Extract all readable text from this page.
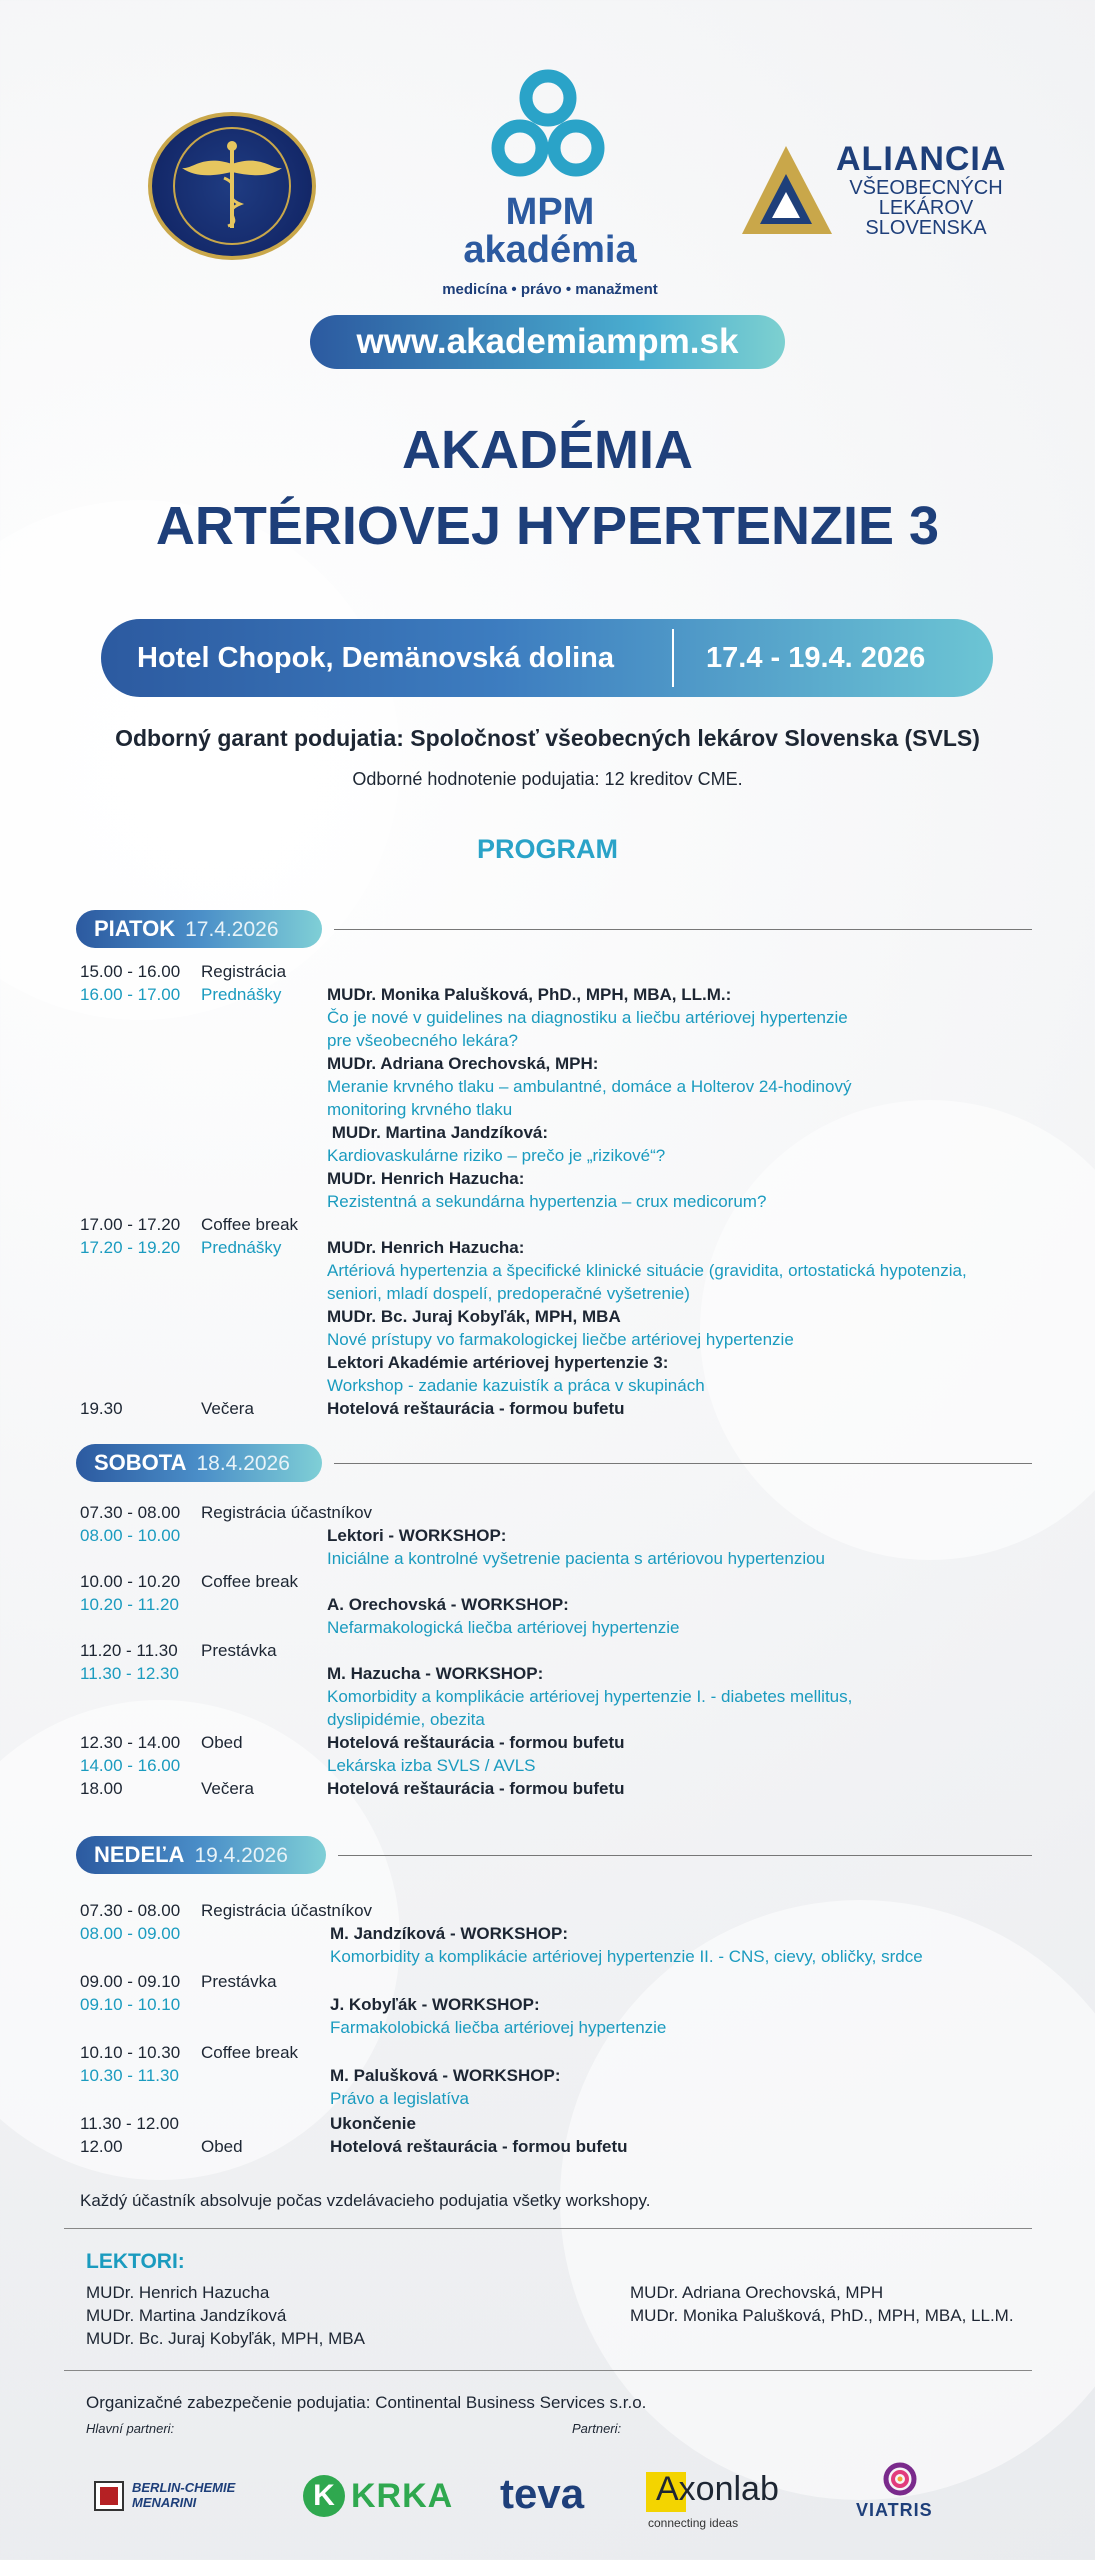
MPM
akadémia
medicína • právo • manažment
ALIANCIA
VŠEOBECNÝCH
LEKÁROV
SLOVENSKA
www.akademiampm.sk
AKADÉMIA
ARTÉRIOVEJ HYPERTENZIE 3
Hotel Chopok, Demänovská dolina	17.4 - 19.4. 2026
Odborný garant podujatia: Spoločnosť všeobecných lekárov Slovenska (SVLS)
Odborné hodnotenie podujatia: 12 kreditov CME.
PROGRAM
PIATOK 17.4.2026
15.00 - 16.00 Registrácia
16.00 - 17.00 Prednášky	MUDr. Monika Palušková, PhD., MPH, MBA, LL.M.:
Čo je nové v guidelines na diagnostiku a liečbu artériovej hypertenzie
pre všeobecného lekára?
MUDr. Adriana Orechovská, MPH:
Meranie krvného tlaku – ambulantné, domáce a Holterov 24-hodinový
monitoring krvného tlaku
MUDr. Martina Jandzíková:
Kardiovaskulárne riziko – prečo je „rizikové“?
MUDr. Henrich Hazucha:
Rezistentná a sekundárna hypertenzia – crux medicorum?
17.00 - 17.20 Coffee break
17.20 - 19.20 Prednášky	MUDr. Henrich Hazucha:
Artériová hypertenzia a špecifické klinické situácie (gravidita, ortostatická hypotenzia,
seniori, mladí dospelí, predoperačné vyšetrenie)
MUDr. Bc. Juraj Kobyľák, MPH, MBA
Nové prístupy vo farmakologickej liečbe artériovej hypertenzie
Lektori Akadémie artériovej hypertenzie 3:
Workshop - zadanie kazuistík a práca v skupinách
19.30	Večera	Hotelová reštaurácia - formou bufetu
SOBOTA 18.4.2026
07.30 - 08.00 Registrácia účastníkov
08.00 - 10.00	Lektori - WORKSHOP:
Iniciálne a kontrolné vyšetrenie pacienta s artériovou hypertenziou
10.00 - 10.20 Coffee break
10.20 - 11.20	A. Orechovská - WORKSHOP:
Nefarmakologická liečba artériovej hypertenzie
11.20 - 11.30 Prestávka
11.30 - 12.30	M. Hazucha - WORKSHOP:
Komorbidity a komplikácie artériovej hypertenzie I. - diabetes mellitus,
dyslipidémie, obezita
12.30 - 14.00 Obed	Hotelová reštaurácia - formou bufetu
14.00 - 16.00	Lekárska izba SVLS / AVLS
18.00	Večera	Hotelová reštaurácia - formou bufetu
NEDEĽA 19.4.2026
07.30 - 08.00 Registrácia účastníkov
08.00 - 09.00	M. Jandzíková - WORKSHOP:
Komorbidity a komplikácie artériovej hypertenzie II. - CNS, cievy, obličky, srdce
09.00 - 09.10 Prestávka
09.10 - 10.10	J. Kobyľák - WORKSHOP:
Farmakolobická liečba artériovej hypertenzie
10.10 - 10.30 Coffee break
10.30 - 11.30	M. Palušková - WORKSHOP:
Právo a legislatíva
11.30 - 12.00	Ukončenie
12.00	Obed	Hotelová reštaurácia - formou bufetu
Každý účastník absolvuje počas vzdelávacieho podujatia všetky workshopy.
LEKTORI:
MUDr. Henrich Hazucha
MUDr. Martina Jandzíková
MUDr. Bc. Juraj Kobyľák, MPH, MBA
MUDr. Adriana Orechovská, MPH
MUDr. Monika Palušková, PhD., MPH, MBA, LL.M.
Organizačné zabezpečenie podujatia: Continental Business Services s.r.o.
Hlavní partneri:	Partneri:
BERLIN-CHEMIE MENARINI	K KRKA teva Axonlab
connecting ideas
VIATRIS
